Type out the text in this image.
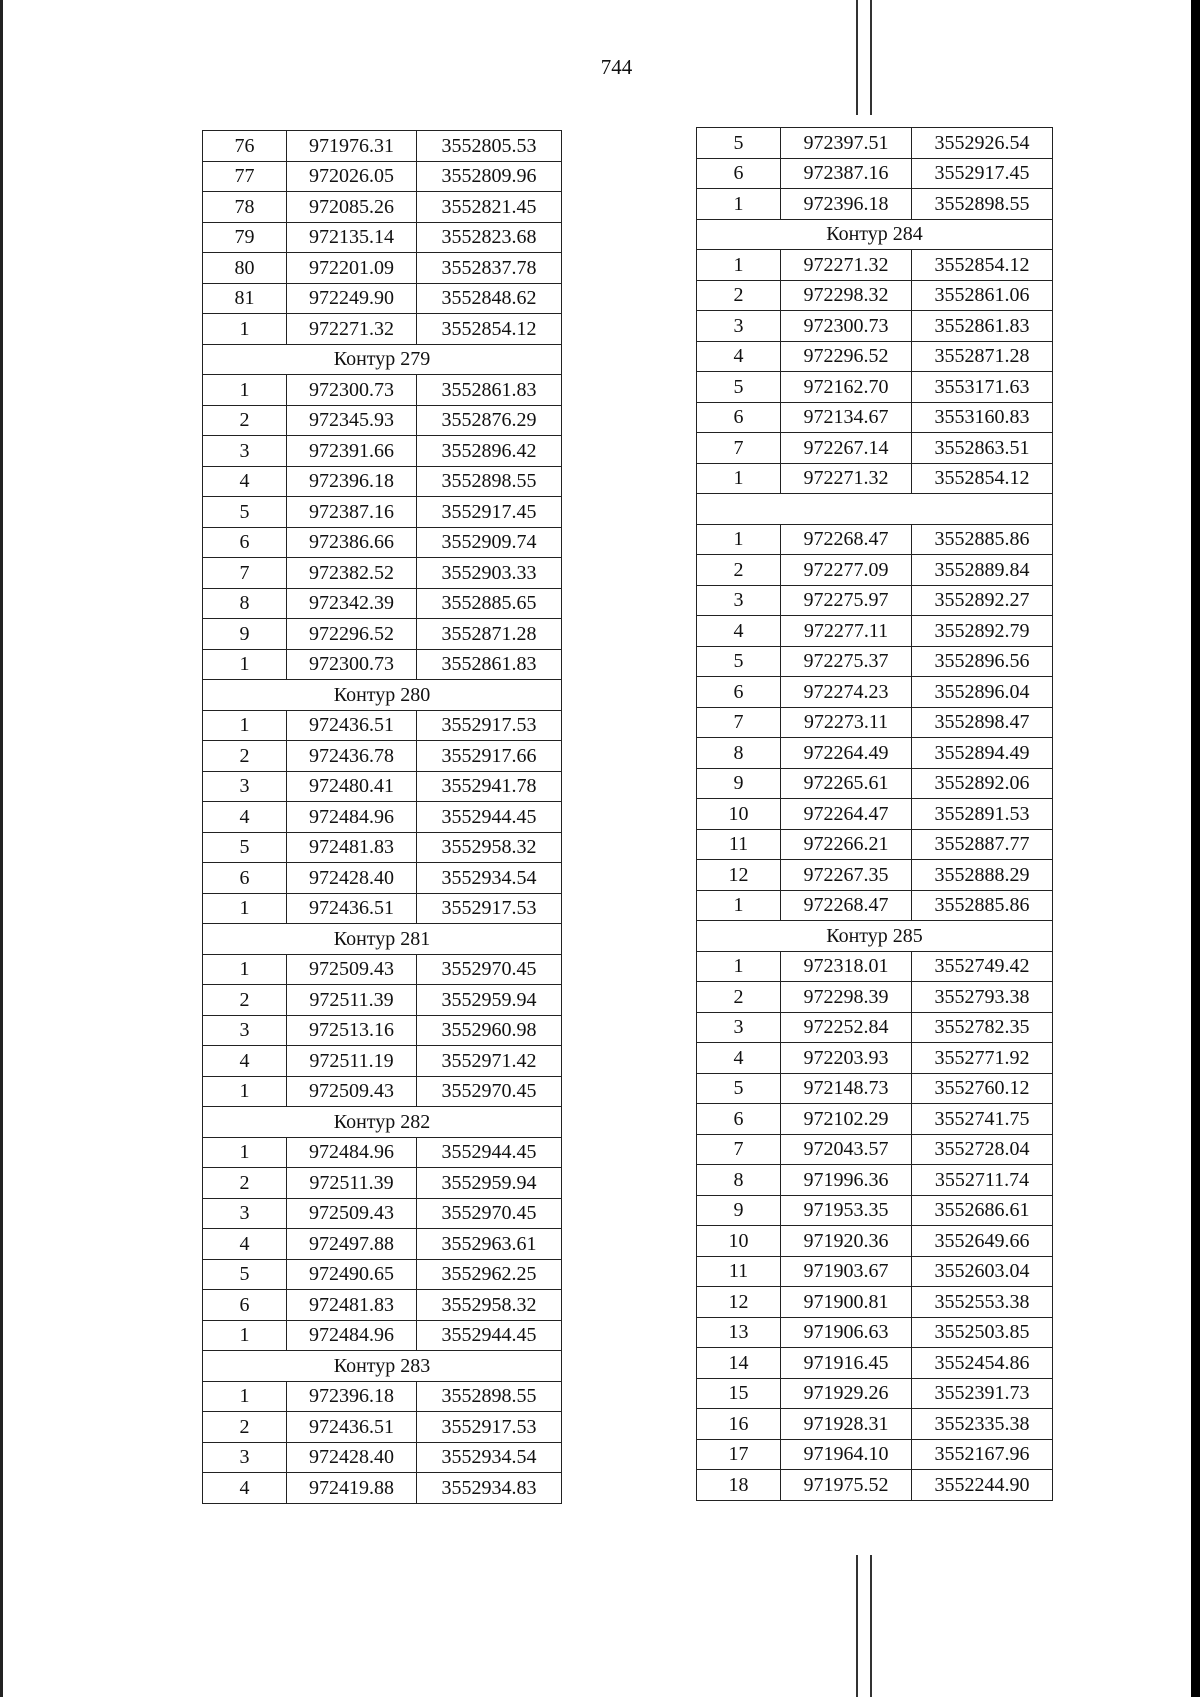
744
76	971976.31	3552805.53
77	972026.05	3552809.96
78	972085.26	3552821.45
79	972135.14	3552823.68
80	972201.09	3552837.78
81	972249.90	3552848.62
1	972271.32	3552854.12
Контур 279		
1	972300.73	3552861.83
2	972345.93	3552876.29
3	972391.66	3552896.42
4	972396.18	3552898.55
5	972387.16	3552917.45
6	972386.66	3552909.74
7	972382.52	3552903.33
8	972342.39	3552885.65
9	972296.52	3552871.28
1	972300.73	3552861.83
Контур 280		
1	972436.51	3552917.53
2	972436.78	3552917.66
3	972480.41	3552941.78
4	972484.96	3552944.45
5	972481.83	3552958.32
6	972428.40	3552934.54
1	972436.51	3552917.53
Контур 281		
1	972509.43	3552970.45
2	972511.39	3552959.94
3	972513.16	3552960.98
4	972511.19	3552971.42
1	972509.43	3552970.45
Контур 282		
1	972484.96	3552944.45
2	972511.39	3552959.94
3	972509.43	3552970.45
4	972497.88	3552963.61
5	972490.65	3552962.25
6	972481.83	3552958.32
1	972484.96	3552944.45
Контур 283		
1	972396.18	3552898.55
2	972436.51	3552917.53
3	972428.40	3552934.54
4	972419.88	3552934.83
5	972397.51	3552926.54
6	972387.16	3552917.45
1	972396.18	3552898.55
Контур 284		
1	972271.32	3552854.12
2	972298.32	3552861.06
3	972300.73	3552861.83
4	972296.52	3552871.28
5	972162.70	3553171.63
6	972134.67	3553160.83
7	972267.14	3552863.51
1	972271.32	3552854.12

1	972268.47	3552885.86
2	972277.09	3552889.84
3	972275.97	3552892.27
4	972277.11	3552892.79
5	972275.37	3552896.56
6	972274.23	3552896.04
7	972273.11	3552898.47
8	972264.49	3552894.49
9	972265.61	3552892.06
10	972264.47	3552891.53
11	972266.21	3552887.77
12	972267.35	3552888.29
1	972268.47	3552885.86
Контур 285		
1	972318.01	3552749.42
2	972298.39	3552793.38
3	972252.84	3552782.35
4	972203.93	3552771.92
5	972148.73	3552760.12
6	972102.29	3552741.75
7	972043.57	3552728.04
8	971996.36	3552711.74
9	971953.35	3552686.61
10	971920.36	3552649.66
11	971903.67	3552603.04
12	971900.81	3552553.38
13	971906.63	3552503.85
14	971916.45	3552454.86
15	971929.26	3552391.73
16	971928.31	3552335.38
17	971964.10	3552167.96
18	971975.52	3552244.90
